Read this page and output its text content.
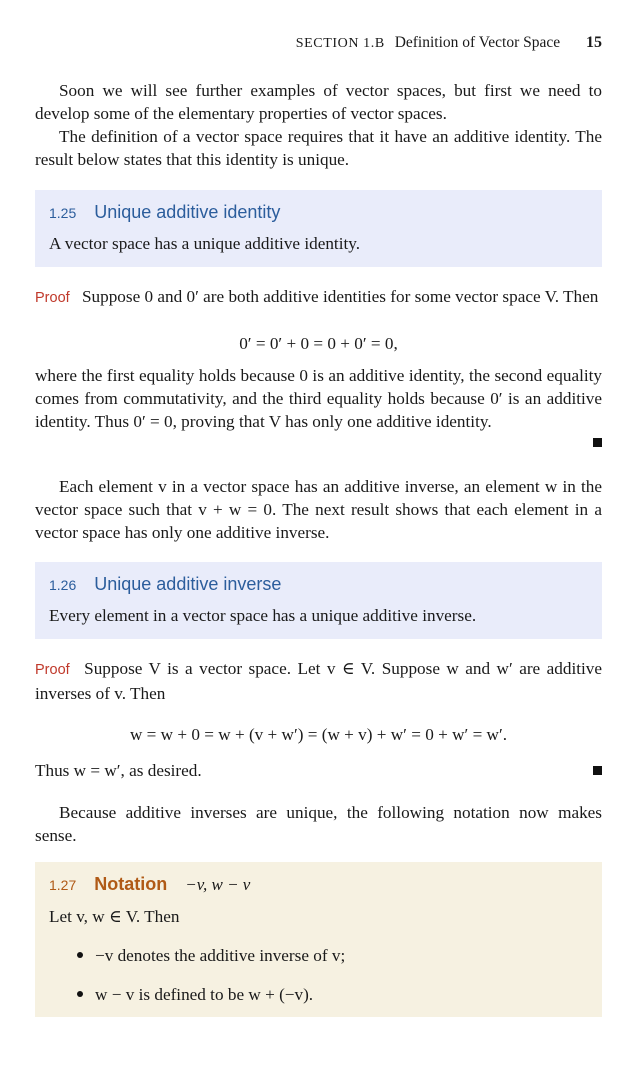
SECTION 1.B Definition of Vector Space 15
Soon we will see further examples of vector spaces, but first we need to develop some of the elementary properties of vector spaces.
The definition of a vector space requires that it have an additive identity. The result below states that this identity is unique.
1.25 Unique additive identity
A vector space has a unique additive identity.
Proof Suppose 0 and 0′ are both additive identities for some vector space V. Then
0′ = 0′ + 0 = 0 + 0′ = 0,
where the first equality holds because 0 is an additive identity, the second equality comes from commutativity, and the third equality holds because 0′ is an additive identity. Thus 0′ = 0, proving that V has only one additive identity.
Each element v in a vector space has an additive inverse, an element w in the vector space such that v + w = 0. The next result shows that each element in a vector space has only one additive inverse.
1.26 Unique additive inverse
Every element in a vector space has a unique additive inverse.
Proof Suppose V is a vector space. Let v ∈ V. Suppose w and w′ are additive inverses of v. Then
w = w + 0 = w + (v + w′) = (w + v) + w′ = 0 + w′ = w′.
Thus w = w′, as desired.
Because additive inverses are unique, the following notation now makes sense.
1.27 Notation −v, w − v
Let v, w ∈ V. Then
−v denotes the additive inverse of v;
w − v is defined to be w + (−v).
